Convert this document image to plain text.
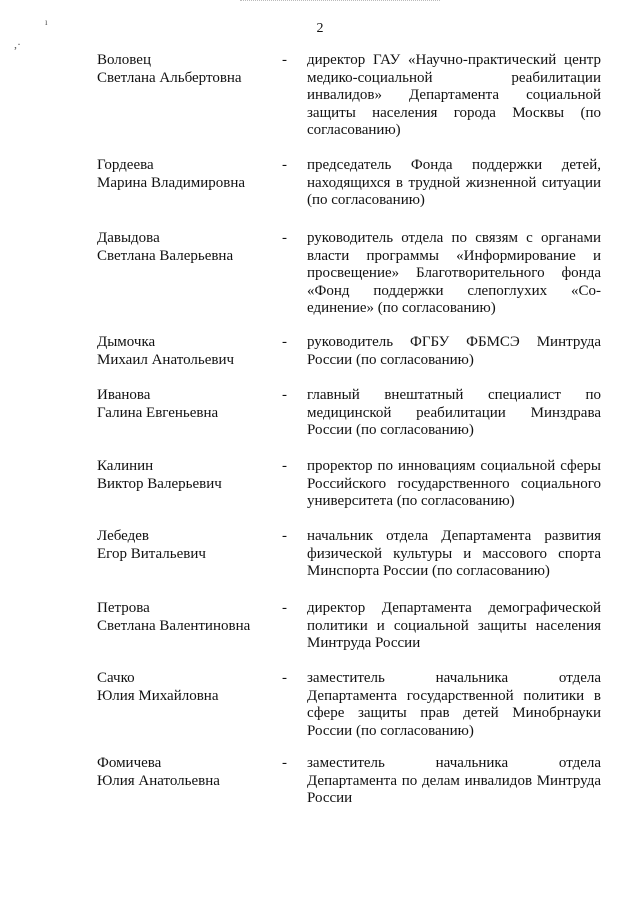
ı
,·
2
Воловец
Светлана Альбертовна
-	директор ГАУ «Научно-практический центр
медико-социальной реабилитации
инвалидов» Департамента социальной
защиты населения города Москвы (по
согласованию)
Гордеева
Марина Владимировна
-	председатель Фонда поддержки детей,
находящихся в трудной жизненной ситуации
(по согласованию)
Давыдова
Светлана Валерьевна
-	руководитель отдела по связям с органами
власти программы «Информирование и
просвещение» Благотворительного фонда
«Фонд поддержки слепоглухих «Со-
единение» (по согласованию)
Дымочка
Михаил Анатольевич
-	руководитель ФГБУ ФБМСЭ Минтруда
России (по согласованию)
Иванова
Галина Евгеньевна
-	главный внештатный специалист по
медицинской реабилитации Минздрава
России (по согласованию)
Калинин
Виктор Валерьевич
-	проректор по инновациям социальной сферы
Российского государственного социального
университета (по согласованию)
Лебедев
Егор Витальевич
-	начальник отдела Департамента развития
физической культуры и массового спорта
Минспорта России (по согласованию)
Петрова
Светлана Валентиновна
-	директор Департамента демографической
политики и социальной защиты населения
Минтруда России
Сачко
Юлия Михайловна
-	заместитель начальника отдела
Департамента государственной политики в
сфере защиты прав детей Минобрнауки
России (по согласованию)
Фомичева
Юлия Анатольевна
-	заместитель начальника отдела
Департамента по делам инвалидов Минтруда
России
